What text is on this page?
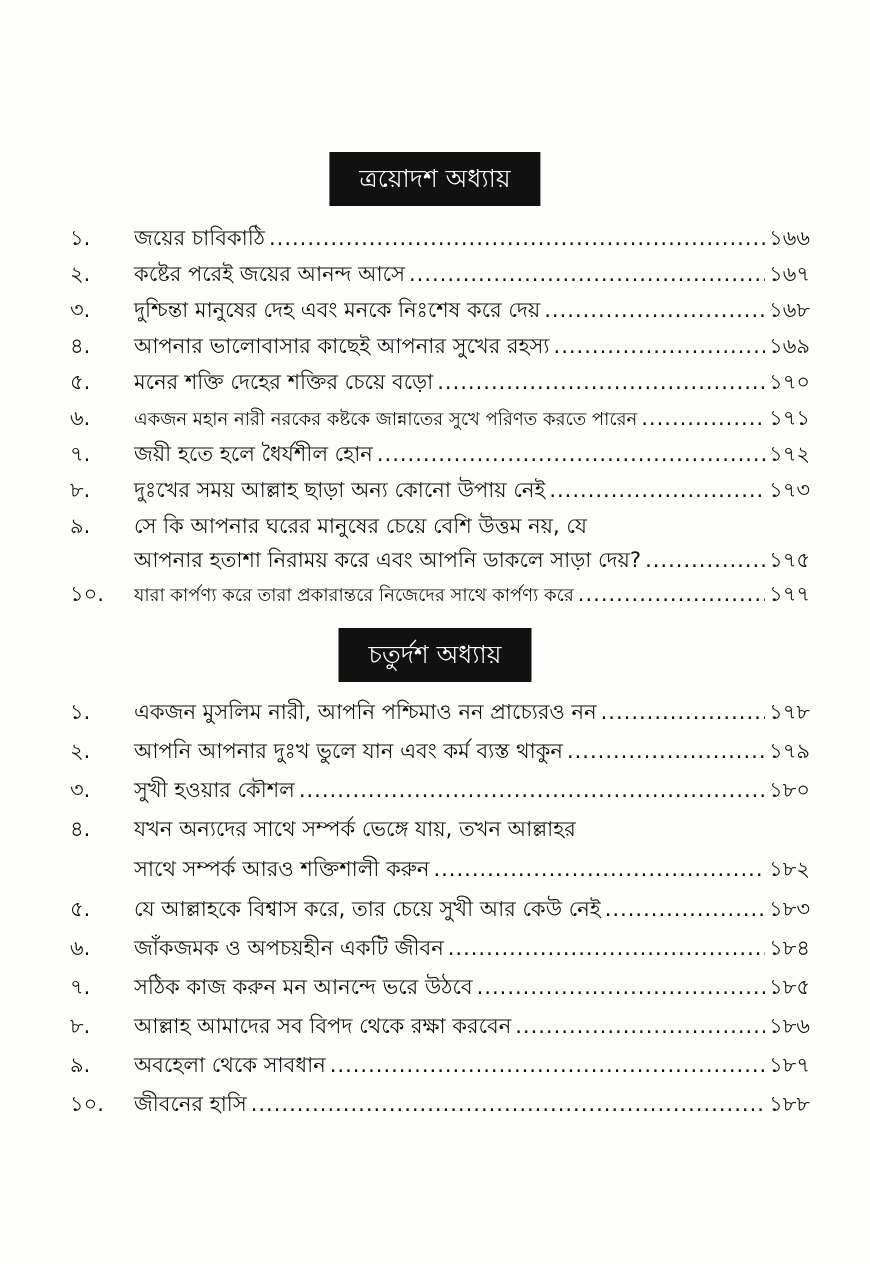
ত্রয়োদশ অধ্যায়
১.	জয়ের চাবিকাঠি .....	১৬৬
২.	কষ্টের পরেই জয়ের আনন্দ আসে .....	১৬৭
৩.	দুশ্চিন্তা মানুষের দেহ এবং মনকে নিঃশেষ করে দেয় .....	১৬৮
৪.	আপনার ভালোবাসার কাছেই আপনার সুখের রহস্য .....	১৬৯
৫.	মনের শক্তি দেহের শক্তির চেয়ে বড়ো .....	১৭০
৬.	একজন মহান নারী নরকের কষ্টকে জান্নাতের সুখে পরিণত করতে পারেন .....	১৭১
৭.	জয়ী হতে হলে ধৈর্যশীল হোন .....	১৭২
৮.	দুঃখের সময় আল্লাহ ছাড়া অন্য কোনো উপায় নেই .....	১৭৩
৯.	সে কি আপনার ঘরের মানুষের চেয়ে বেশি উত্তম নয়, যে
আপনার হতাশা নিরাময় করে এবং আপনি ডাকলে সাড়া দেয়? .....	১৭৫
১০.	যারা কার্পণ্য করে তারা প্রকারান্তরে নিজেদের সাথে কার্পণ্য করে .....	১৭৭
চতুর্দশ অধ্যায়
১.	একজন মুসলিম নারী, আপনি পশ্চিমাও নন প্রাচ্যেরও নন .....	১৭৮
২.	আপনি আপনার দুঃখ ভুলে যান এবং কর্ম ব্যস্ত থাকুন .....	১৭৯
৩.	সুখী হওয়ার কৌশল .....	১৮০
৪.	যখন অন্যদের সাথে সম্পর্ক ভেঙ্গে যায়, তখন আল্লাহর
সাথে সম্পর্ক আরও শক্তিশালী করুন .....	১৮২
৫.	যে আল্লাহকে বিশ্বাস করে, তার চেয়ে সুখী আর কেউ নেই .....	১৮৩
৬.	জাঁকজমক ও অপচয়হীন একটি জীবন .....	১৮৪
৭.	সঠিক কাজ করুন মন আনন্দে ভরে উঠবে .....	১৮৫
৮.	আল্লাহ আমাদের সব বিপদ থেকে রক্ষা করবেন .....	১৮৬
৯.	অবহেলা থেকে সাবধান .....	১৮৭
১০.	জীবনের হাসি .....	১৮৮
